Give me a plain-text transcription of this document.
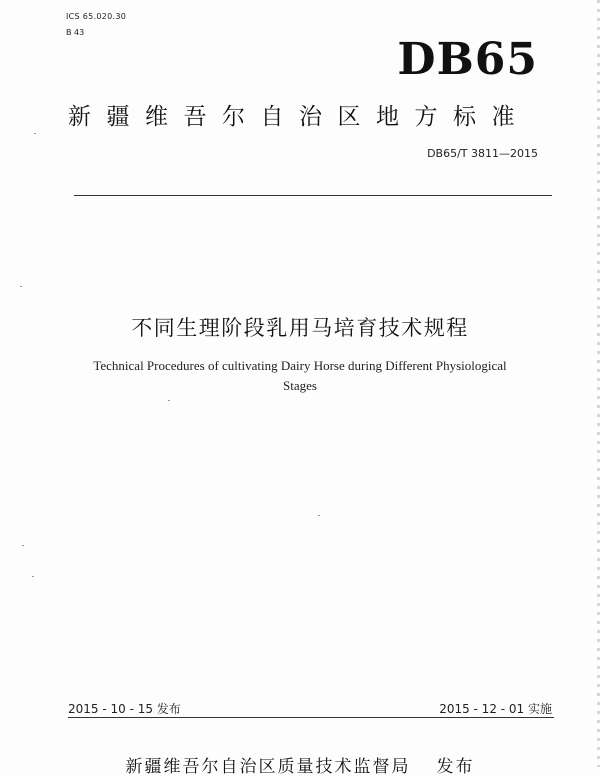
ICS 65.020.30
B 43
DB65
新疆维吾尔自治区地方标准
DB65/T 3811—2015
不同生理阶段乳用马培育技术规程
Technical Procedures of cultivating Dairy Horse during Different Physiological
Stages
2015 - 10 - 15 发布	2015 - 12 - 01 实施
新疆维吾尔自治区质量技术监督局 发布
